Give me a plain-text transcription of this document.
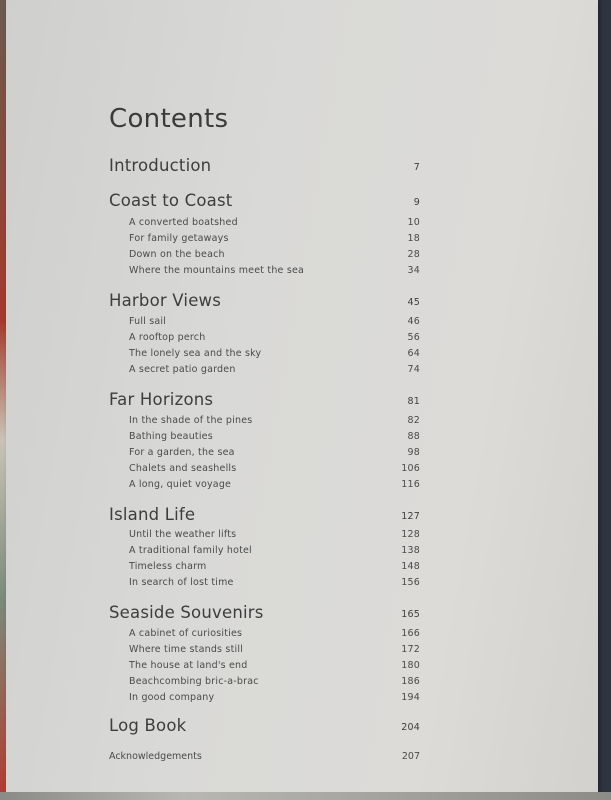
Contents
Introduction	7
Coast to Coast	9
A converted boatshed	10
For family getaways	18
Down on the beach	28
Where the mountains meet the sea	34
Harbor Views	45
Full sail	46
A rooftop perch	56
The lonely sea and the sky	64
A secret patio garden	74
Far Horizons	81
In the shade of the pines	82
Bathing beauties	88
For a garden, the sea	98
Chalets and seashells	106
A long, quiet voyage	116
Island Life	127
Until the weather lifts	128
A traditional family hotel	138
Timeless charm	148
In search of lost time	156
Seaside Souvenirs	165
A cabinet of curiosities	166
Where time stands still	172
The house at land's end	180
Beachcombing bric-a-brac	186
In good company	194
Log Book	204
Acknowledgements	207
